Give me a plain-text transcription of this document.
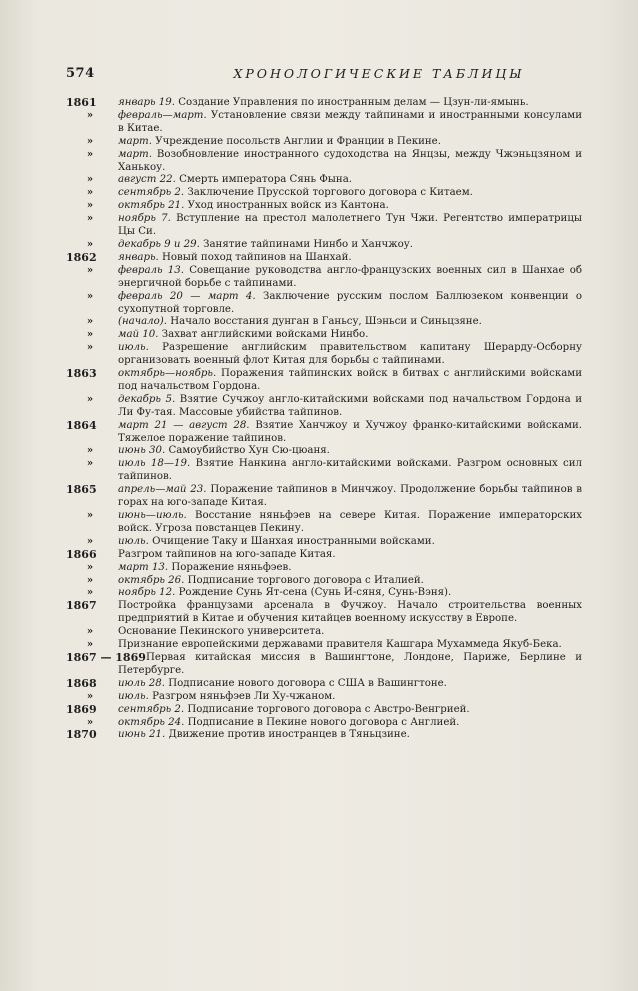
574	ХРОНОЛОГИЧЕСКИЕ ТАБЛИЦЫ
1861	январь 19. Создание Управления по иностранным делам — Цзун-ли-ямынь.
»	февраль—март. Установление связи между тайпинами и иностранными консулами в Китае.
»	март. Учреждение посольств Англии и Франции в Пекине.
»	март. Возобновление иностранного судоходства на Янцзы, между Чжэньцзяном и Ханькоу.
»	август 22. Смерть императора Сянь Фына.
»	сентябрь 2. Заключение Прусской торгового договора с Китаем.
»	октябрь 21. Уход иностранных войск из Кантона.
»	ноябрь 7. Вступление на престол малолетнего Тун Чжи. Регентство императрицы Цы Си.
»	декабрь 9 и 29. Занятие тайпинами Нинбо и Ханчжоу.
1862	январь. Новый поход тайпинов на Шанхай.
»	февраль 13. Совещание руководства англо-французских военных сил в Шанхае об энергичной борьбе с тайпинами.
»	февраль 20 — март 4. Заключение русским послом Баллюзеком конвенции о сухопутной торговле.
»	(начало). Начало восстания дунган в Ганьсу, Шэньси и Синьцзяне.
»	май 10. Захват английскими войсками Нинбо.
»	июль. Разрешение английским правительством капитану Шерарду-Осборну организовать военный флот Китая для борьбы с тайпинами.
1863	октябрь—ноябрь. Поражения тайпинских войск в битвах с английскими войсками под начальством Гордона.
»	декабрь 5. Взятие Сучжоу англо-китайскими войсками под начальством Гордона и Ли Фу-тая. Массовые убийства тайпинов.
1864	март 21 — август 28. Взятие Ханчжоу и Хучжоу франко-китайскими войсками. Тяжелое поражение тайпинов.
»	июнь 30. Самоубийство Хун Сю-цюаня.
»	июль 18—19. Взятие Нанкина англо-китайскими войсками. Разгром основных сил тайпинов.
1865	апрель—май 23. Поражение тайпинов в Минчжоу. Продолжение борьбы тайпинов в горах на юго-западе Китая.
»	июнь—июль. Восстание няньфэев на севере Китая. Поражение императорских войск. Угроза повстанцев Пекину.
»	июль. Очищение Таку и Шанхая иностранными войсками.
1866	Разгром тайпинов на юго-западе Китая.
»	март 13. Поражение няньфэев.
»	октябрь 26. Подписание торгового договора с Италией.
»	ноябрь 12. Рождение Сунь Ят-сена (Сунь И-сяня, Сунь-Вэня).
1867	Постройка французами арсенала в Фучжоу. Начало строительства военных предприятий в Китае и обучения китайцев военному искусству в Европе.
»	Основание Пекинского университета.
»	Признание европейскими державами правителя Кашгара Мухаммеда Якуб-Бека.
1867 — 1869 Первая китайская миссия в Вашингтоне, Лондоне, Париже, Берлине и Петербурге.
1868	июль 28. Подписание нового договора с США в Вашингтоне.
»	июль. Разгром няньфэев Ли Ху-чжаном.
1869	сентябрь 2. Подписание торгового договора с Австро-Венгрией.
»	октябрь 24. Подписание в Пекине нового договора с Англией.
1870	июнь 21. Движение против иностранцев в Тяньцзине.
